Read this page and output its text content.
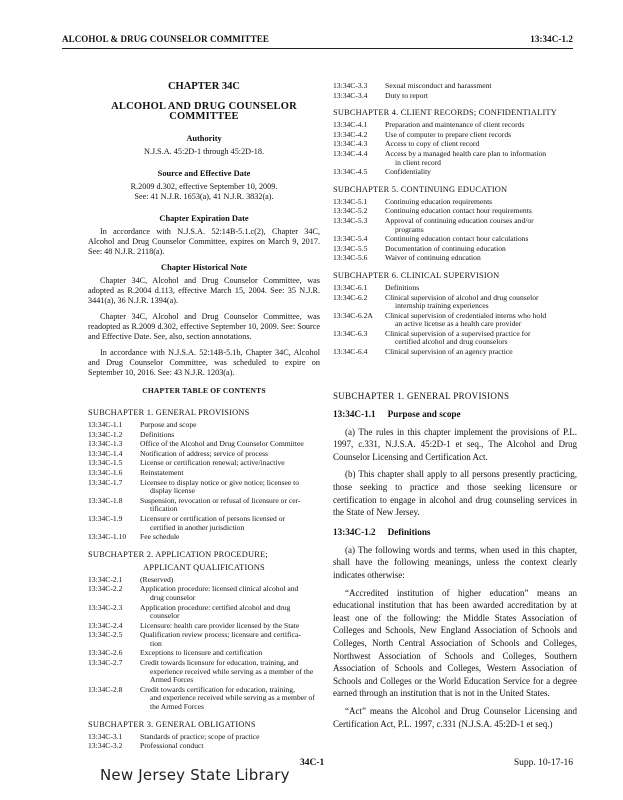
ALCOHOL & DRUG COUNSELOR COMMITTEE	13:34C-1.2
CHAPTER 34C
ALCOHOL AND DRUG COUNSELOR COMMITTEE
Authority
N.J.S.A. 45:2D-1 through 45:2D-18.
Source and Effective Date
R.2009 d.302, effective September 10, 2009.
See: 41 N.J.R. 1653(a), 41 N.J.R. 3832(a).
Chapter Expiration Date
In accordance with N.J.S.A. 52:14B-5.1.c(2), Chapter 34C, Alcohol and Drug Counselor Committee, expires on March 9, 2017. See: 48 N.J.R. 2118(a).
Chapter Historical Note
Chapter 34C, Alcohol and Drug Counselor Committee, was adopted as R.2004 d.113, effective March 15, 2004. See: 35 N.J.R. 3441(a), 36 N.J.R. 1394(a).
Chapter 34C, Alcohol and Drug Counselor Committee, was readopted as R.2009 d.302, effective September 10, 2009. See: Source and Effective Date. See, also, section annotations.
In accordance with N.J.S.A. 52:14B-5.1b, Chapter 34C, Alcohol and Drug Counselor Committee, was scheduled to expire on September 10, 2016. See: 43 N.J.R. 1203(a).
CHAPTER TABLE OF CONTENTS
SUBCHAPTER 1. GENERAL PROVISIONS
13:34C-1.1	Purpose and scope
13:34C-1.2	Definitions
13:34C-1.3	Office of the Alcohol and Drug Counselor Committee
13:34C-1.4	Notification of address; service of process
13:34C-1.5	License or certification renewal; active/inactive
13:34C-1.6	Reinstatement
13:34C-1.7	Licensee to display notice or give notice; licensee to
display license
13:34C-1.8	Suspension, revocation or refusal of licensure or cer-
tification
13:34C-1.9	Licensure or certification of persons licensed or
certified in another jurisdiction
13:34C-1.10	Fee schedule
SUBCHAPTER 2. APPLICATION PROCEDURE;
APPLICANT QUALIFICATIONS
13:34C-2.1	(Reserved)
13:34C-2.2	Application procedure: licensed clinical alcohol and
drug counselor
13:34C-2.3	Application procedure: certified alcohol and drug
counselor
13:34C-2.4	Licensure: health care provider licensed by the State
13:34C-2.5	Qualification review process; licensure and certifica-
tion
13:34C-2.6	Exceptions to licensure and certification
13:34C-2.7	Credit towards licensure for education, training, and
experience received while serving as a member of the Armed Forces
13:34C-2.8	Credit towards certification for education, training,
and experience received while serving as a member of the Armed Forces
SUBCHAPTER 3. GENERAL OBLIGATIONS
13:34C-3.1	Standards of practice; scope of practice
13:34C-3.2	Professional conduct
13:34C-3.3	Sexual misconduct and harassment
13:34C-3.4	Duty to report
SUBCHAPTER 4. CLIENT RECORDS; CONFIDENTIALITY
13:34C-4.1	Preparation and maintenance of client records
13:34C-4.2	Use of computer to prepare client records
13:34C-4.3	Access to copy of client record
13:34C-4.4	Access by a managed health care plan to information
in client record
13:34C-4.5	Confidentiality
SUBCHAPTER 5. CONTINUING EDUCATION
13:34C-5.1	Continuing education requirements
13:34C-5.2	Continuing education contact hour requirements
13:34C-5.3	Approval of continuing education courses and/or
programs
13:34C-5.4	Continuing education contact hour calculations
13:34C-5.5	Documentation of continuing education
13:34C-5.6	Waiver of continuing education
SUBCHAPTER 6. CLINICAL SUPERVISION
13:34C-6.1	Definitions
13:34C-6.2	Clinical supervision of alcohol and drug counselor
internship training experiences
13:34C-6.2A	Clinical supervision of credentialed interns who hold
an active license as a health care provider
13:34C-6.3	Clinical supervision of a supervised practice for
certified alcohol and drug counselors
13:34C-6.4	Clinical supervision of an agency practice
SUBCHAPTER 1. GENERAL PROVISIONS
13:34C-1.1 Purpose and scope
(a) The rules in this chapter implement the provisions of P.L. 1997, c.331, N.J.S.A. 45:2D-1 et seq., The Alcohol and Drug Counselor Licensing and Certification Act.
(b) This chapter shall apply to all persons presently practicing, those seeking to practice and those seeking licensure or certification to engage in alcohol and drug counseling services in the State of New Jersey.
13:34C-1.2 Definitions
(a) The following words and terms, when used in this chapter, shall have the following meanings, unless the context clearly indicates otherwise:
“Accredited institution of higher education” means an educational institution that has been awarded accreditation by at least one of the following: the Middle States Association of Colleges and Schools, New England Association of Schools and Colleges, North Central Association of Schools and Colleges, Northwest Association of Schools and Colleges, Southern Association of Schools and Colleges, Western Association of Schools and Colleges or the World Education Service for a degree earned through an institution that is not in the United States.
“Act” means the Alcohol and Drug Counselor Licensing and Certification Act, P.L. 1997, c.331 (N.J.S.A. 45:2D-1 et seq.)
34C-1	Supp. 10-17-16
New Jersey State Library
